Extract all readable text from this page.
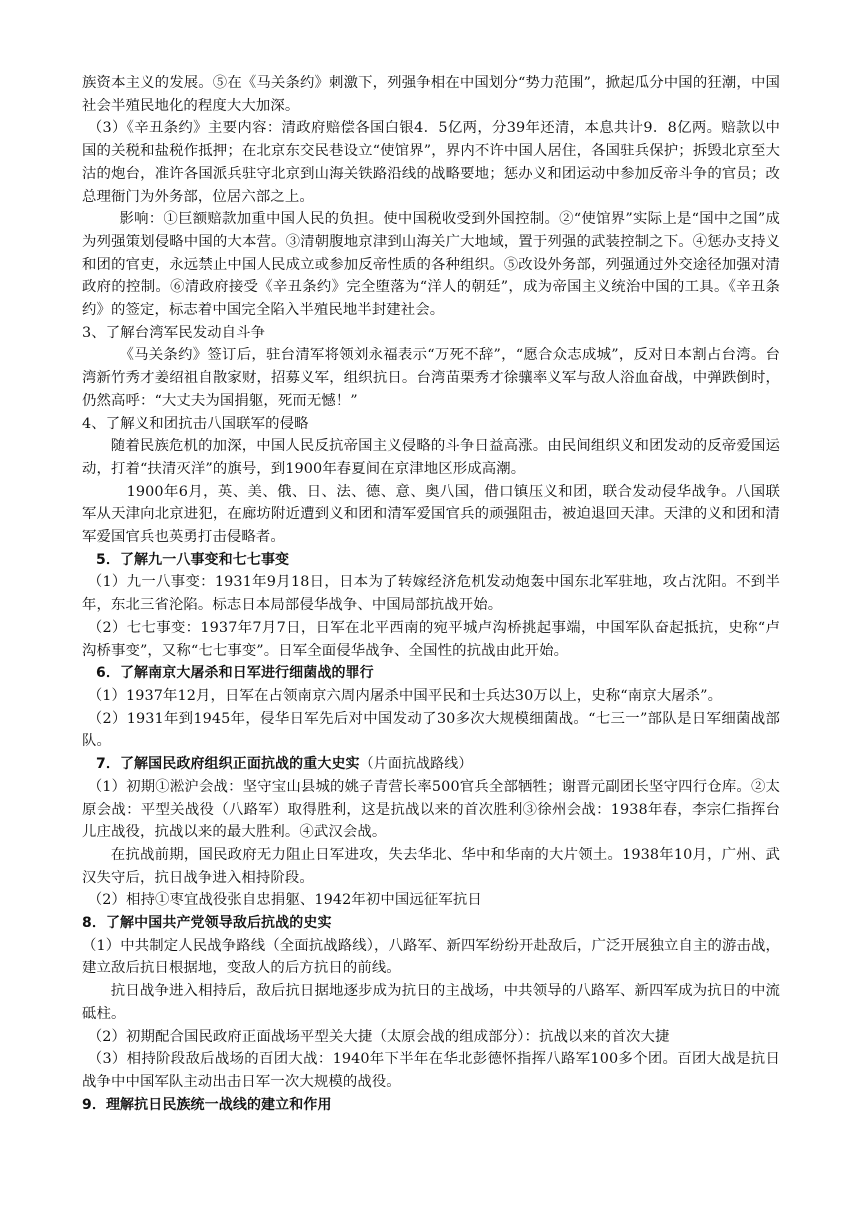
族资本主义的发展。⑤在《马关条约》刺激下，列强争相在中国划分“势力范围”，掀起瓜分中国的狂潮，中国社会半殖民地化的程度大大加深。

（3）《辛丑条约》主要内容：清政府赔偿各国白银4．5亿两，分39年还清，本息共计9．8亿两。赔款以中国的关税和盐税作抵押；在北京东交民巷设立“使馆界”，界内不许中国人居住，各国驻兵保护；拆毁北京至大沽的炮台，准许各国派兵驻守北京到山海关铁路沿线的战略要地；惩办义和团运动中参加反帝斗争的官员；改总理衙门为外务部，位居六部之上。

影响：①巨额赔款加重中国人民的负担。使中国税收受到外国控制。②“使馆界”实际上是“国中之国”成为列强策划侵略中国的大本营。③清朝腹地京津到山海关广大地域，置于列强的武装控制之下。④惩办支持义和团的官吏，永远禁止中国人民成立或参加反帝性质的各种组织。⑤改设外务部，列强通过外交途径加强对清政府的控制。⑥清政府接受《辛丑条约》完全堕落为“洋人的朝廷”，成为帝国主义统治中国的工具。《辛丑条约》的签定，标志着中国完全陷入半殖民地半封建社会。

3、了解台湾军民发动自斗争

《马关条约》签订后，驻台清军将领刘永福表示“万死不辞”，“愿合众志成城”，反对日本割占台湾。台湾新竹秀才姜绍祖自散家财，招募义军，组织抗日。台湾苗栗秀才徐骧率义军与敌人浴血奋战，中弹跌倒时，仍然高呼：“大丈夫为国捐躯，死而无憾！”

4、了解义和团抗击八国联军的侵略

随着民族危机的加深，中国人民反抗帝国主义侵略的斗争日益高涨。由民间组织义和团发动的反帝爱国运动，打着“扶清灭洋”的旗号，到1900年春夏间在京津地区形成高潮。

1900年6月，英、美、俄、日、法、德、意、奥八国，借口镇压义和团，联合发动侵华战争。八国联军从天津向北京进犯，在廊坊附近遭到义和团和清军爱国官兵的顽强阻击，被迫退回天津。天津的义和团和清军爱国官兵也英勇打击侵略者。

5．了解九一八事变和七七事变

（1）九一八事变：1931年9月18日，日本为了转嫁经济危机发动炮轰中国东北军驻地，攻占沈阳。不到半年，东北三省沦陷。标志日本局部侵华战争、中国局部抗战开始。

（2）七七事变：1937年7月7日，日军在北平西南的宛平城卢沟桥挑起事端，中国军队奋起抵抗，史称“卢沟桥事变”，又称“七七事变”。日军全面侵华战争、全国性的抗战由此开始。

6．了解南京大屠杀和日军进行细菌战的罪行

（1）1937年12月，日军在占领南京六周内屠杀中国平民和士兵达30万以上，史称“南京大屠杀”。

（2）1931年到1945年，侵华日军先后对中国发动了30多次大规模细菌战。“七三一”部队是日军细菌战部队。

7．了解国民政府组织正面抗战的重大史实（片面抗战路线）

（1）初期①淞沪会战：坚守宝山县城的姚子青营长率500官兵全部牺牲；谢晋元副团长坚守四行仓库。②太原会战：平型关战役（八路军）取得胜利，这是抗战以来的首次胜利③徐州会战：1938年春，李宗仁指挥台儿庄战役，抗战以来的最大胜利。④武汉会战。

在抗战前期，国民政府无力阻止日军进攻，失去华北、华中和华南的大片领土。1938年10月，广州、武汉失守后，抗日战争进入相持阶段。

（2）相持①枣宜战役张自忠捐躯、1942年初中国远征军抗日

8．了解中国共产党领导敌后抗战的史实

（1）中共制定人民战争路线（全面抗战路线），八路军、新四军纷纷开赴敌后，广泛开展独立自主的游击战，建立敌后抗日根据地，变敌人的后方抗日的前线。

抗日战争进入相持后，敌后抗日据地逐步成为抗日的主战场，中共领导的八路军、新四军成为抗日的中流砥柱。

（2）初期配合国民政府正面战场平型关大捷（太原会战的组成部分）：抗战以来的首次大捷

（3）相持阶段敌后战场的百团大战：1940年下半年在华北彭德怀指挥八路军100多个团。百团大战是抗日战争中中国军队主动出击日军一次大规模的战役。

9．理解抗日民族统一战线的建立和作用
